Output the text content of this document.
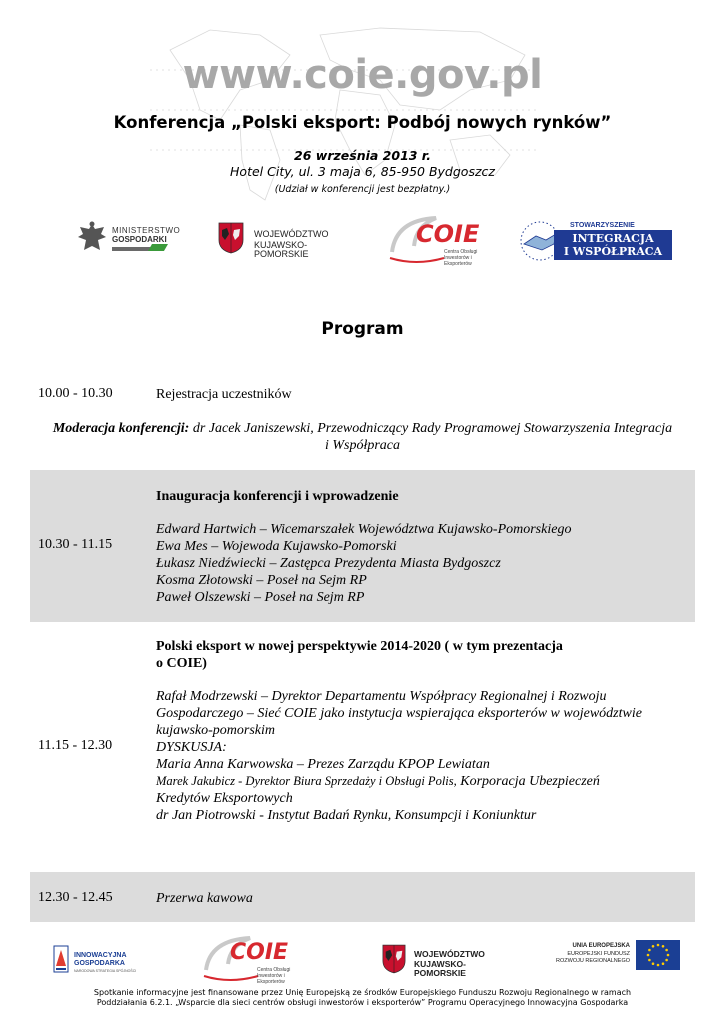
www.coie.gov.pl
Konferencja „Polski eksport: Podbój nowych rynków”
26 września 2013 r.
Hotel City, ul. 3 maja 6, 85-950 Bydgoszcz
(Udział w konferencji jest bezpłatny.)
MINISTERSTWO
GOSPODARKI
WOJEWÓDZTWO
KUJAWSKO-POMORSKIE
COIE
Centra Obsługi
Inwestorów i Eksporterów
STOWARZYSZENIE
INTEGRACJA
I WSPÓŁPRACA
Program
10.00 - 10.30	Rejestracja uczestników
Moderacja konferencji: dr Jacek Janiszewski, Przewodniczący Rady Programowej Stowarzyszenia Integracja
i Współpraca
10.30 - 11.15
Inauguracja konferencji i wprowadzenie
Edward Hartwich – Wicemarszałek Województwa Kujawsko-Pomorskiego
Ewa Mes – Wojewoda Kujawsko-Pomorski
Łukasz Niedźwiecki – Zastępca Prezydenta Miasta Bydgoszcz
Kosma Złotowski – Poseł na Sejm RP
Paweł Olszewski – Poseł na Sejm RP
11.15 - 12.30
Polski eksport w nowej perspektywie 2014-2020 ( w tym prezentacja
o COIE)
Rafał Modrzewski – Dyrektor Departamentu Współpracy Regionalnej i Rozwoju
Gospodarczego – Sieć COIE jako instytucja wspierająca eksporterów w województwie
kujawsko-pomorskim
DYSKUSJA:
Maria Anna Karwowska – Prezes Zarządu KPOP Lewiatan
Marek Jakubicz - Dyrektor Biura Sprzedaży i Obsługi Polis, Korporacja Ubezpieczeń
Kredytów Eksportowych
dr Jan Piotrowski - Instytut Badań Rynku, Konsumpcji i Koniunktur
12.30 - 12.45	Przerwa kawowa
INNOWACYJNA
GOSPODARKA
NARODOWA STRATEGIA SPÓJNOŚCI
COIE
Centra Obsługi
Inwestorów i Eksporterów
WOJEWÓDZTWO
KUJAWSKO-POMORSKIE
UNIA EUROPEJSKA
EUROPEJSKI FUNDUSZ
ROZWOJU REGIONALNEGO
Spotkanie informacyjne jest finansowane przez Unię Europejską ze środków Europejskiego Funduszu Rozwoju Regionalnego w ramach
Poddziałania 6.2.1. „Wsparcie dla sieci centrów obsługi inwestorów i eksporterów” Programu Operacyjnego Innowacyjna Gospodarka
